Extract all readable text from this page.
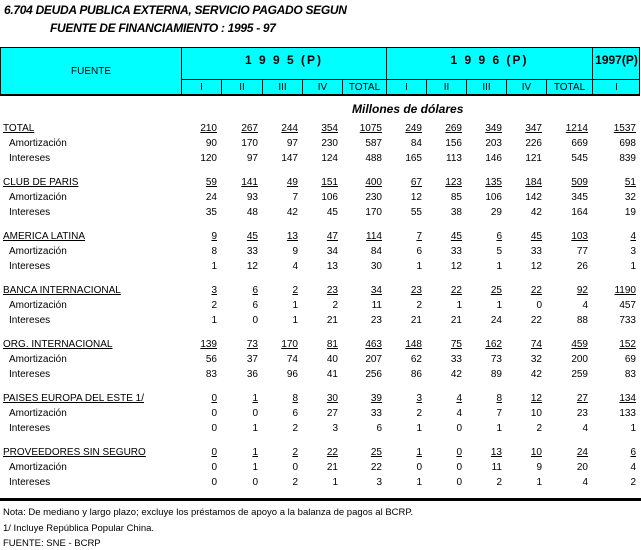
6.704 DEUDA PUBLICA EXTERNA, SERVICIO PAGADO SEGUN
FUENTE DE FINANCIAMIENTO : 1995 - 97
FUENTE
1 9 9 5 (P)	1 9 9 6 (P)	1997(P)
I	II	III	IV	TOTAL	I	II	III	IV	TOTAL	I
Millones de dólares
TOTAL	210 267 244 354 1075 249 269 349 347 1214	1537
Amortización	90 170	97 230	587	84 156 203 226	669	698
Intereses	120	97 147 124	488 165 113 146 121	545	839
CLUB DE PARIS	59 141	49 151	400	67 123 135 184	509	51
Amortización	24	93	7 106	230	12	85 106 142	345	32
Intereses	35	48	42	45	170	55	38	29	42	164	19
AMERICA LATINA	9	45	13	47	114	7	45	6	45	103	4
Amortización	8	33	9	34	84	6	33	5	33	77	3
Intereses	1	12	4	13	30	1	12	1	12	26	1
BANCA INTERNACIONAL	3	6	2	23	34	23	22	25	22	92	1190
Amortización	2	6	1	2	11	2	1	1	0	4	457
Intereses	1	0	1	21	23	21	21	24	22	88	733
ORG. INTERNACIONAL	139	73 170	81	463 148	75 162	74	459	152
Amortización	56	37	74	40	207	62	33	73	32	200	69
Intereses	83	36	96	41	256	86	42	89	42	259	83
PAISES EUROPA DEL ESTE 1/	0	1	8	30	39	3	4	8	12	27	134
Amortización	0	0	6	27	33	2	4	7	10	23	133
Intereses	0	1	2	3	6	1	0	1	2	4	1
PROVEEDORES SIN SEGURO	0	1	2	22	25	1	0	13	10	24	6
Amortización	0	1	0	21	22	0	0	11	9	20	4
Intereses	0	0	2	1	3	1	0	2	1	4	2
Nota: De mediano y largo plazo; excluye los préstamos de apoyo a la balanza de pagos al BCRP.
1/ Incluye República Popular China.
FUENTE: SNE - BCRP
